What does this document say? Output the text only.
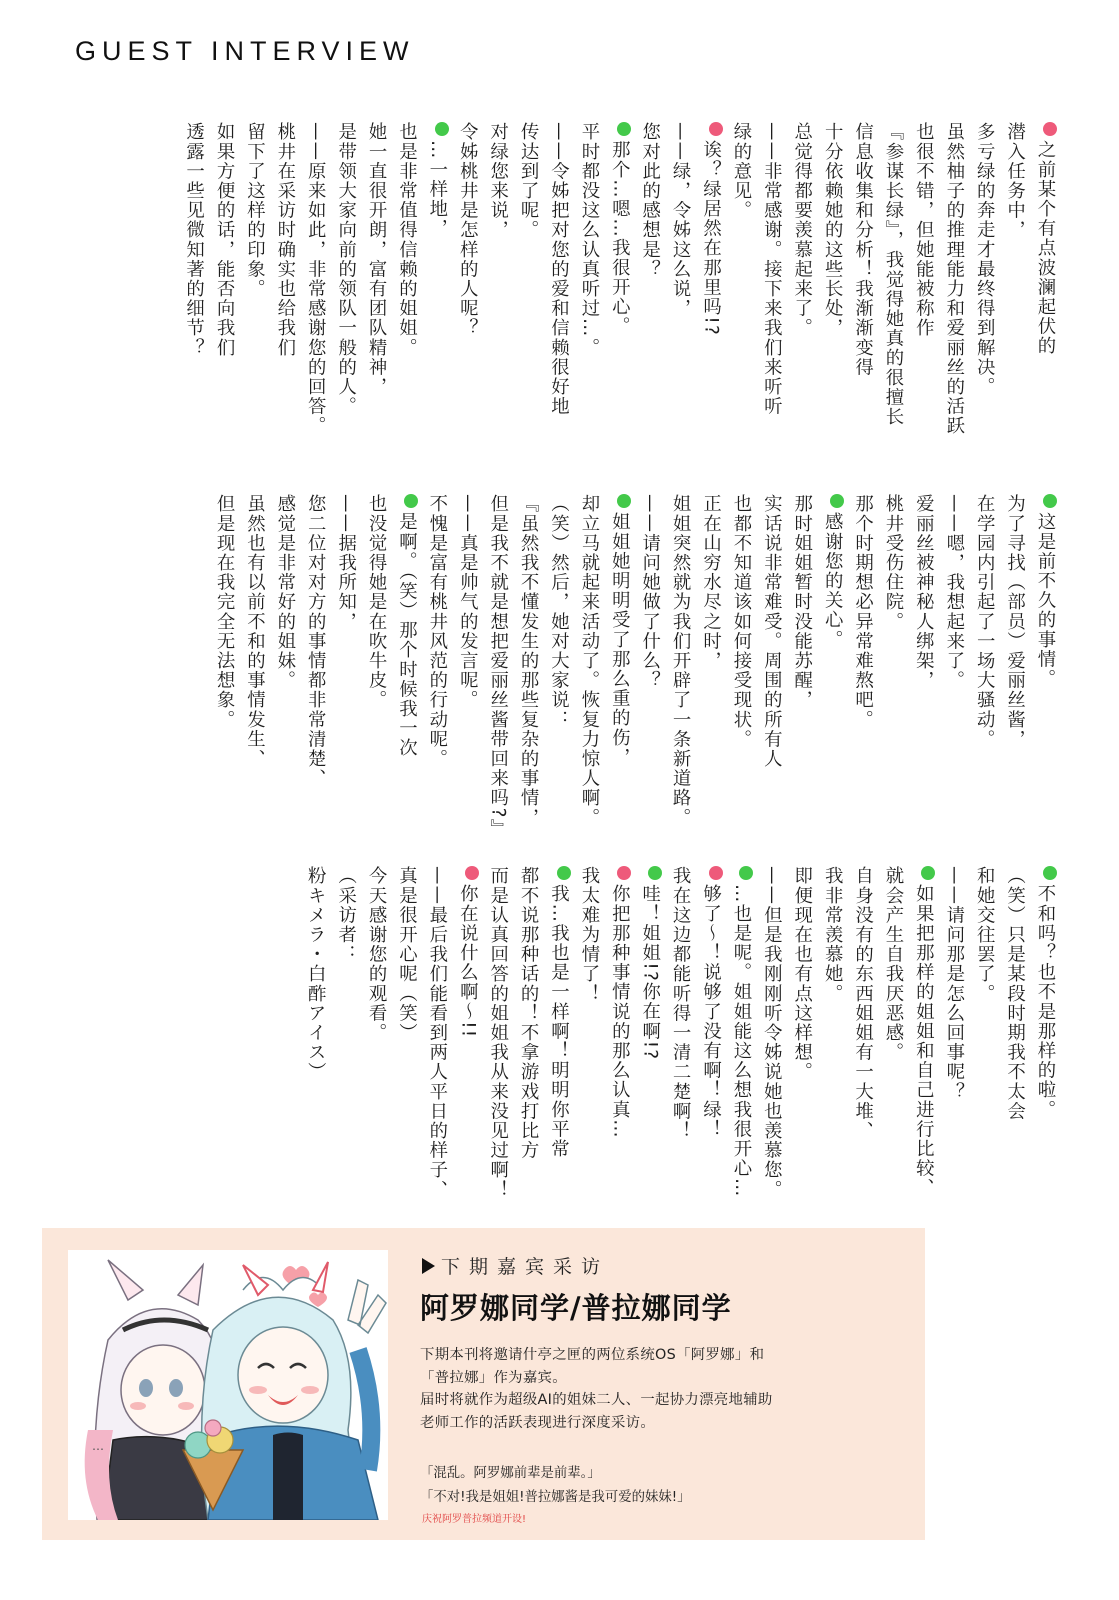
GUEST INTERVIEW
之前某个有点波澜起伏的
潜入任务中，
多亏绿的奔走才最终得到解决。
虽然柚子的推理能力和爱丽丝的活跃
也很不错，但她能被称作
『参谋长绿』，我觉得她真的很擅长
信息收集和分析！我渐渐变得
十分依赖她的这些长处，
总觉得都要羡慕起来了。
——非常感谢。接下来我们来听听
绿的意见。
诶？绿居然在那里吗!?
——绿，令姊这么说，
您对此的感想是？
那个…嗯…我很开心。
平时都没这么认真听过…。
——令姊把对您的爱和信赖很好地
传达到了呢。
对绿您来说，
令姊桃井是怎样的人呢？
…一样地，
也是非常值得信赖的姐姐。
她一直很开朗，富有团队精神，
是带领大家向前的领队一般的人。
——原来如此，非常感谢您的回答。
桃井在采访时确实也给我们
留下了这样的印象。
如果方便的话，能否向我们
透露一些见微知著的细节？
这是前不久的事情。
为了寻找（部员）爱丽丝酱，
在学园内引起了一场大骚动。
——嗯，我想起来了。
爱丽丝被神秘人绑架，
桃井受伤住院。
那个时期想必异常难熬吧。
感谢您的关心。
那时姐姐暂时没能苏醒，
实话说非常难受。周围的所有人
也都不知道该如何接受现状。
正在山穷水尽之时，
姐姐突然就为我们开辟了一条新道路。
——请问她做了什么？
姐姐她明明受了那么重的伤，
却立马就起来活动了。恢复力惊人啊。
（笑）然后，她对大家说：
『虽然我不懂发生的那些复杂的事情，
但是我不就是想把爱丽丝酱带回来吗?』
——真是帅气的发言呢。
不愧是富有桃井风范的行动呢。
是啊。（笑）那个时候我一次
也没觉得她是在吹牛皮。
——据我所知，
您二位对对方的事情都非常清楚、
感觉是非常好的姐妹。
虽然也有以前不和的事情发生、
但是现在我完全无法想象。
不和吗？也不是那样的啦。
（笑）只是某段时期我不太会
和她交往罢了。
——请问那是怎么回事呢？
如果把那样的姐姐和自己进行比较、
就会产生自我厌恶感。
自身没有的东西姐姐有一大堆、
我非常羡慕她。
即便现在也有点这样想。
——但是我刚刚听令姊说她也羡慕您。
…也是呢。姐姐能这么想我很开心…
够了～！说够了没有啊！绿！
我在这边都能听得一清二楚啊！
哇！姐姐!?你在啊!?
你把那种事情说的那么认真…
我太难为情了！
我…我也是一样啊！明明你平常
都不说那种话的！不拿游戏打比方
而是认真回答的姐姐我从来没见过啊！
你在说什么啊～!!
——最后我们能看到两人平日的样子、
真是很开心呢（笑）
今天感谢您的观看。
（采访者：
粉キメラ・白酢アイス）
…
下期嘉宾采访
阿罗娜同学/普拉娜同学
下期本刊将邀请什亭之匣的两位系统OS「阿罗娜」和
「普拉娜」作为嘉宾。
届时将就作为超级AI的姐妹二人、一起协力漂亮地辅助
老师工作的活跃表现进行深度采访。
「混乱。阿罗娜前辈是前辈。」
「不对!我是姐姐!普拉娜酱是我可爱的妹妹!」
庆祝阿罗普拉频道开设!
